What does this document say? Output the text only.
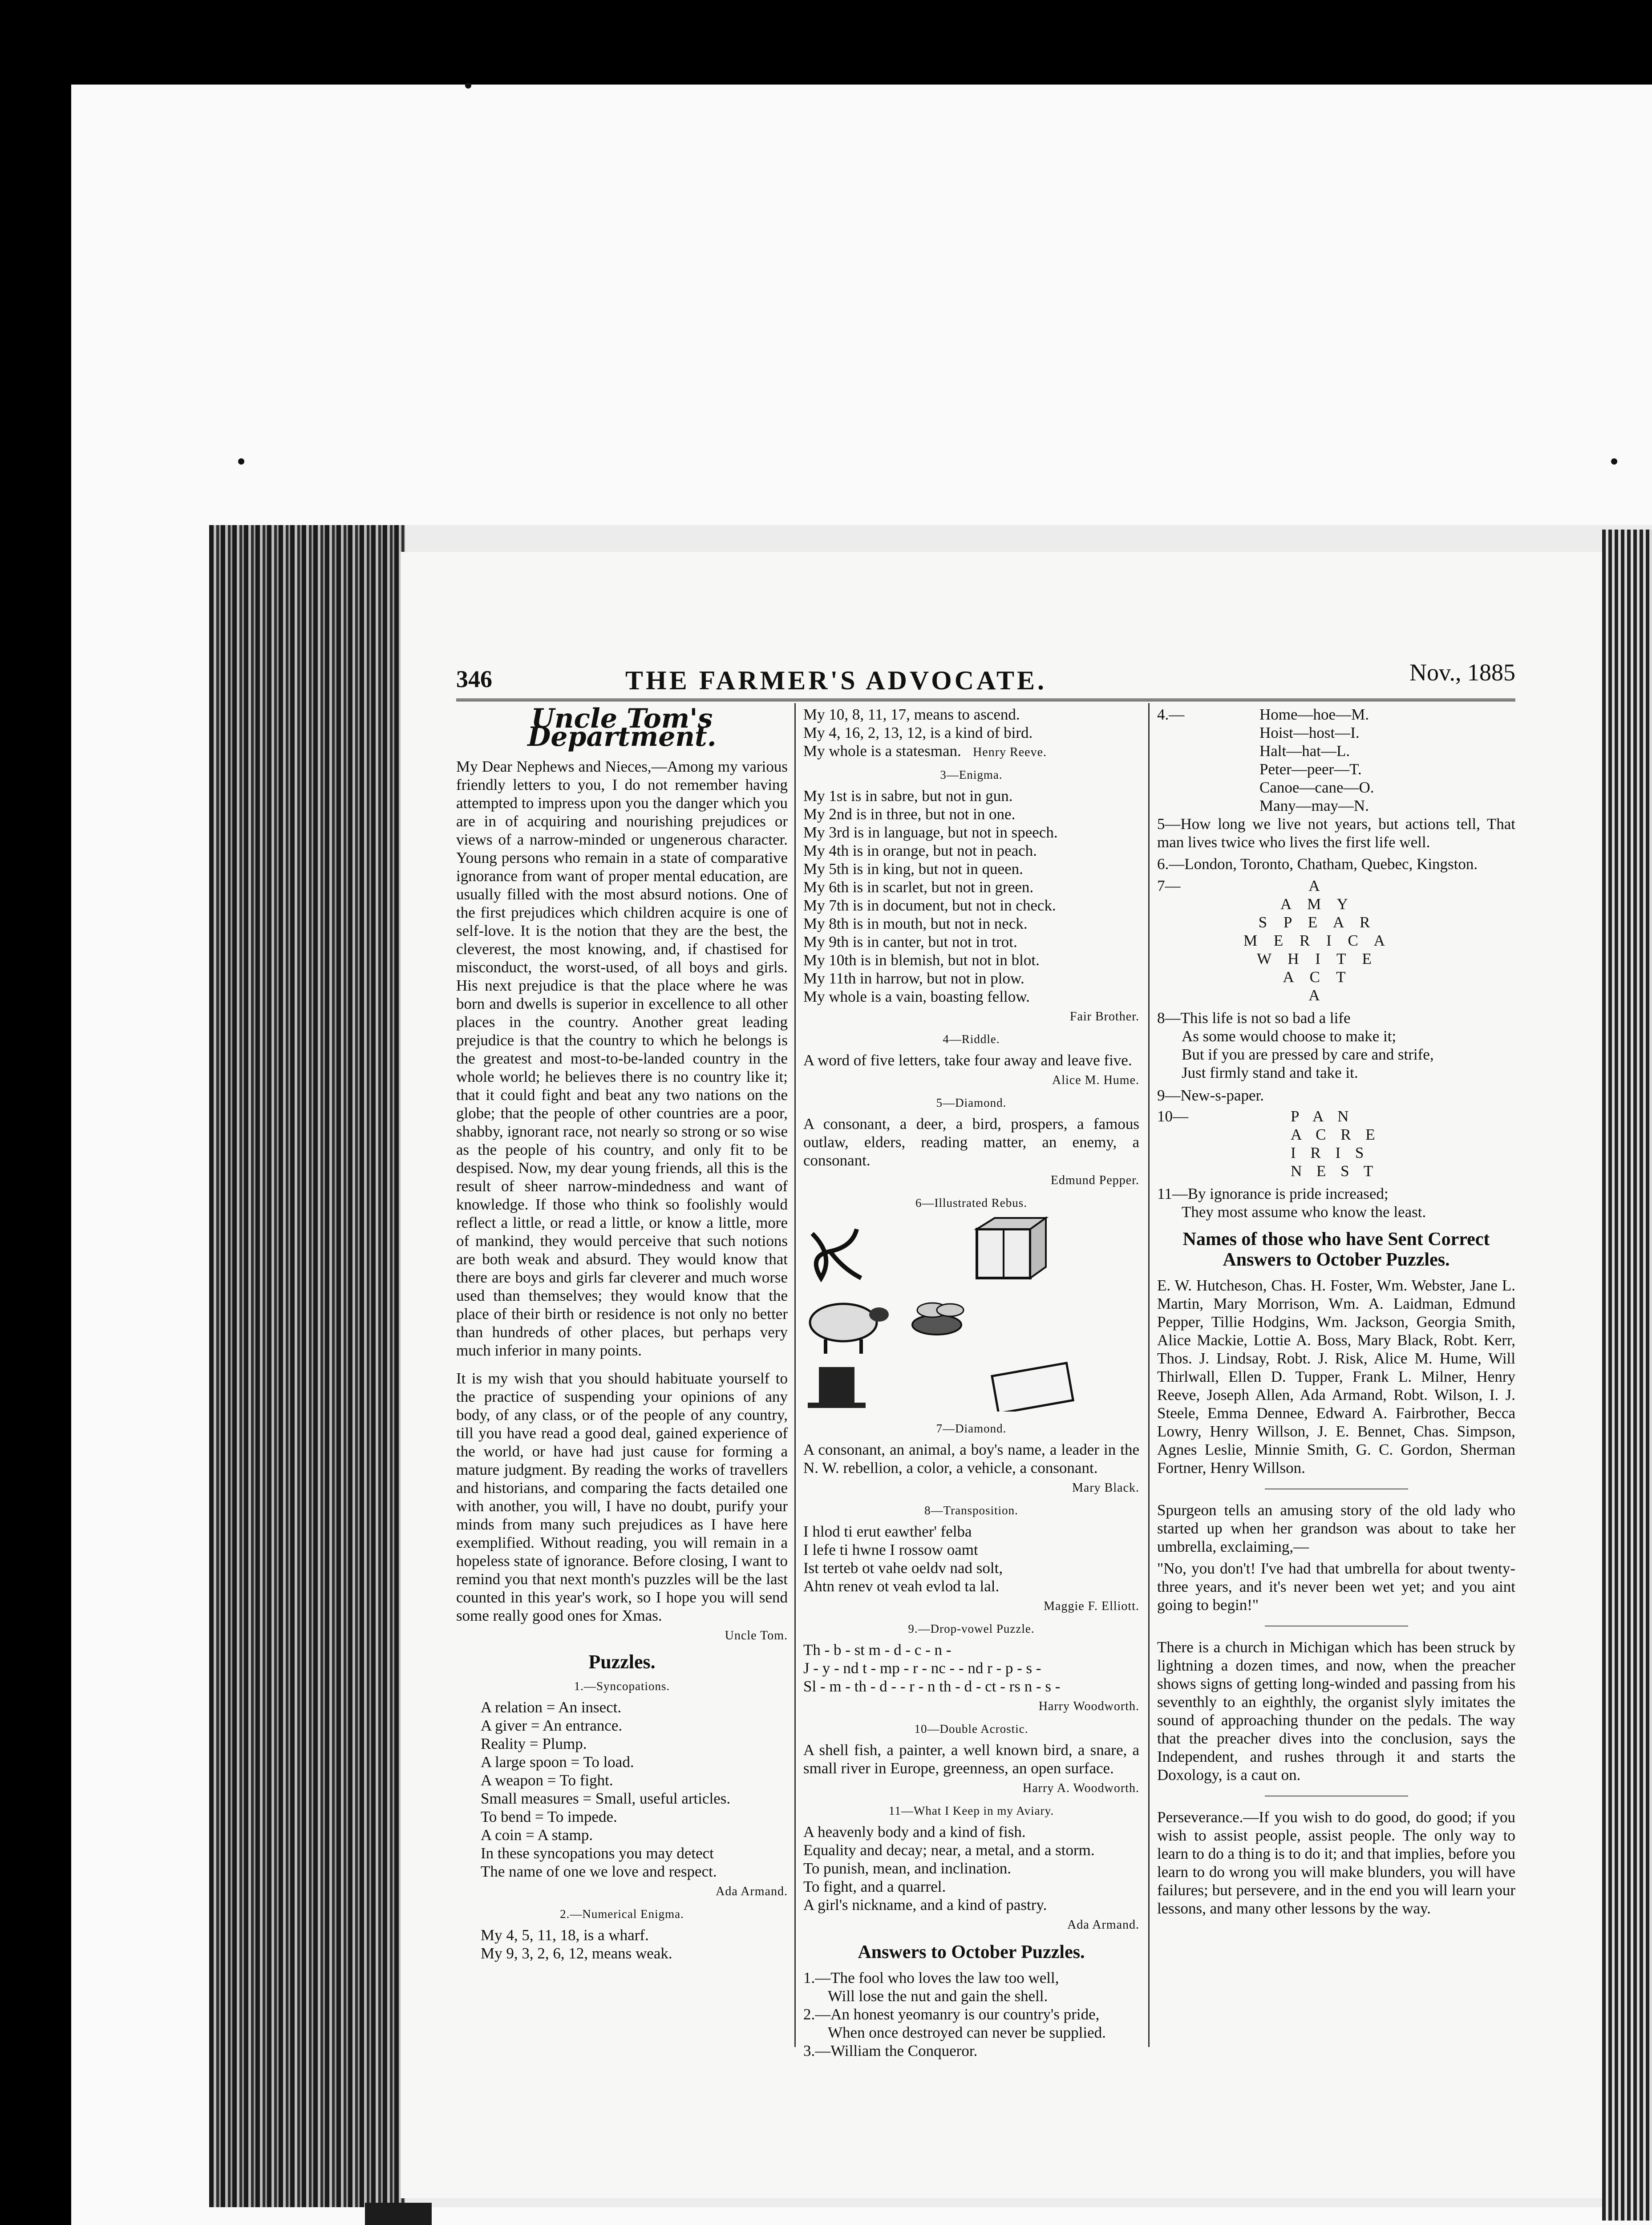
346	THE FARMER'S ADVOCATE.	Nov., 1885
Uncle Tom's Department.

My Dear Nephews and Nieces,—Among my various friendly letters to you, I do not remember having attempted to impress upon you the danger which you are in of acquiring and nourishing prejudices or views of a narrow-minded or ungenerous character. Young persons who remain in a state of comparative ignorance from want of proper mental education, are usually filled with the most absurd notions. One of the first prejudices which children acquire is one of self-love. It is the notion that they are the best, the cleverest, the most knowing, and, if chastised for misconduct, the worst-used, of all boys and girls. His next prejudice is that the place where he was born and dwells is superior in excellence to all other places in the country. Another great leading prejudice is that the country to which he belongs is the greatest and most-to-be-landed country in the whole world; he believes there is no country like it; that it could fight and beat any two nations on the globe; that the people of other countries are a poor, shabby, ignorant race, not nearly so strong or so wise as the people of his country, and only fit to be despised. Now, my dear young friends, all this is the result of sheer narrow-mindedness and want of knowledge. If those who think so foolishly would reflect a little, or read a little, or know a little, more of mankind, they would perceive that such notions are both weak and absurd. They would know that there are boys and girls far cleverer and much worse used than themselves; they would know that the place of their birth or residence is not only no better than hundreds of other places, but perhaps very much inferior in many points.

It is my wish that you should habituate yourself to the practice of suspending your opinions of any body, of any class, or of the people of any country, till you have read a good deal, gained experience of the world, or have had just cause for forming a mature judgment. By reading the works of travellers and historians, and comparing the facts detailed one with another, you will, I have no doubt, purify your minds from many such prejudices as I have here exemplified. Without reading, you will remain in a hopeless state of ignorance. Before closing, I want to remind you that next month's puzzles will be the last counted in this year's work, so I hope you will send some really good ones for Xmas.

Uncle Tom.
Puzzles.
1.—Syncopations.

A relation = An insect.

A giver = An entrance.

Reality = Plump.

A large spoon = To load.

A weapon = To fight.

Small measures = Small, useful articles.

To bend = To impede.

A coin = A stamp.

In these syncopations you may detect

The name of one we love and respect.

Ada Armand.
2.—Numerical Enigma.

My 4, 5, 11, 18, is a wharf.

My 9, 3, 2, 6, 12, means weak.

My 10, 8, 11, 17, means to ascend.

My 4, 16, 2, 13, 12, is a kind of bird.

My whole is a statesman. Henry Reeve.

3—Enigma.

My 1st is in sabre, but not in gun.

My 2nd is in three, but not in one.

My 3rd is in language, but not in speech.

My 4th is in orange, but not in peach.

My 5th is in king, but not in queen.

My 6th is in scarlet, but not in green.

My 7th is in document, but not in check.

My 8th is in mouth, but not in neck.

My 9th is in canter, but not in trot.

My 10th is in blemish, but not in blot.

My 11th in harrow, but not in plow.

My whole is a vain, boasting fellow.

Fair Brother.
4—Riddle.

A word of five letters, take four away and leave five.

Alice M. Hume.
5—Diamond.

A consonant, a deer, a bird, prospers, a famous outlaw, elders, reading matter, an enemy, a consonant.

Edmund Pepper.
6—Illustrated Rebus.
7—Diamond.

A consonant, an animal, a boy's name, a leader in the N. W. rebellion, a color, a vehicle, a consonant.

Mary Black.
8—Transposition.

I hlod ti erut eawther' felba

I lefe ti hwne I rossow oamt

Ist terteb ot vahe oeldv nad solt,

Ahtn renev ot veah evlod ta lal.

Maggie F. Elliott.
9.—Drop-vowel Puzzle.

Th - b - st m - d - c - n -

J - y - nd t - mp - r - nc - - nd r - p - s -

Sl - m - th - d - - r - n th - d - ct - rs n - s -

Harry Woodworth.
10—Double Acrostic.

A shell fish, a painter, a well known bird, a snare, a small river in Europe, greenness, an open surface.

Harry A. Woodworth.
11—What I Keep in my Aviary.

A heavenly body and a kind of fish.

Equality and decay; near, a metal, and a storm.

To punish, mean, and inclination.

To fight, and a quarrel.

A girl's nickname, and a kind of pastry.

Ada Armand.
Answers to October Puzzles.

1.—The fool who loves the law too well,

Will lose the nut and gain the shell.

2.—An honest yeomanry is our country's pride,

When once destroyed can never be supplied.

3.—William the Conqueror.

4.—	Home—hoe—M.

Hoist—host—I.

Halt—hat—L.

Peter—peer—T.

Canoe—cane—O.

Many—may—N.

5—How long we live not years, but actions tell, That man lives twice who lives the first life well.

6.—London, Toronto, Chatham, Quebec, Kingston.

7—	A

A M Y

S P E A R

M E R I C A

W H I T E

A C T

A

8—This life is not so bad a life

As some would choose to make it;

But if you are pressed by care and strife,

Just firmly stand and take it.

9—New-s-paper.

10—	P A N

A C R E

I R I S

N E S T

11—By ignorance is pride increased;

They most assume who know the least.

Names of those who have Sent Correct Answers to October Puzzles.

E. W. Hutcheson, Chas. H. Foster, Wm. Webster, Jane L. Martin, Mary Morrison, Wm. A. Laidman, Edmund Pepper, Tillie Hodgins, Wm. Jackson, Georgia Smith, Alice Mackie, Lottie A. Boss, Mary Black, Robt. Kerr, Thos. J. Lindsay, Robt. J. Risk, Alice M. Hume, Will Thirlwall, Ellen D. Tupper, Frank L. Milner, Henry Reeve, Joseph Allen, Ada Armand, Robt. Wilson, I. J. Steele, Emma Dennee, Edward A. Fairbrother, Becca Lowry, Henry Willson, J. E. Bennet, Chas. Simpson, Agnes Leslie, Minnie Smith, G. C. Gordon, Sherman Fortner, Henry Willson.

Spurgeon tells an amusing story of the old lady who started up when her grandson was about to take her umbrella, exclaiming,—

"No, you don't! I've had that umbrella for about twenty-three years, and it's never been wet yet; and you aint going to begin!"

There is a church in Michigan which has been struck by lightning a dozen times, and now, when the preacher shows signs of getting long-winded and passing from his seventhly to an eighthly, the organist slyly imitates the sound of approaching thunder on the pedals. The way that the preacher dives into the conclusion, says the Independent, and rushes through it and starts the Doxology, is a caut on.

Perseverance.—If you wish to do good, do good; if you wish to assist people, assist people. The only way to learn to do a thing is to do it; and that implies, before you learn to do wrong you will make blunders, you will have failures; but persevere, and in the end you will learn your lessons, and many other lessons by the way.
